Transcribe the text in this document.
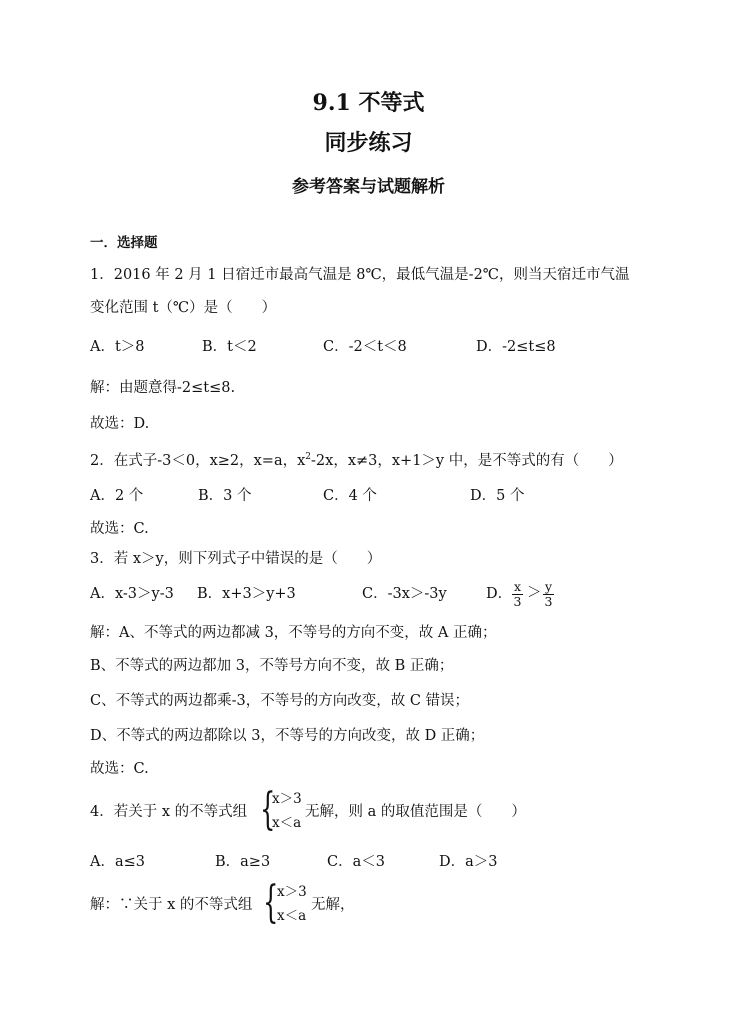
9.1 不等式
同步练习
参考答案与试题解析
一．选择题
1．2016 年 2 月 1 日宿迁市最高气温是 8℃，最低气温是-2℃，则当天宿迁市气温
变化范围 t（℃）是（　　）
A．t＞8	B．t＜2	C．-2＜t＜8	D．-2≤t≤8
解：由题意得-2≤t≤8.
故选：D.
2．在式子-3＜0，x≥2，x=a，$x^2-2x$，x≠3，x+1＞y 中，是不等式的有（　　）
A．2 个	B．3 个	C．4 个	D．5 个
故选：C.
3．若 x＞y，则下列式子中错误的是（　　）
A．x-3＞y-3 B．x+3＞y+3	C．-3x＞-3y	D． $\frac{x}{3} > \frac{y}{3}$
解：A、不等式的两边都减 3，不等号的方向不变，故 A 正确；
B、不等式的两边都加 3，不等号方向不变，故 B 正确；
C、不等式的两边都乘-3，不等号的方向改变，故 C 错误；
D、不等式的两边都除以 3，不等号的方向改变，故 D 正确；
故选：C.
4．若关于 x 的不等式组 {
x＞3
x＜a
无解，则 a 的取值范围是（　　）
A．a≤3	B．a≥3	C．a＜3	D．a＞3
解：∵关于 x 的不等式组 {
x＞3
x＜a
无解，
